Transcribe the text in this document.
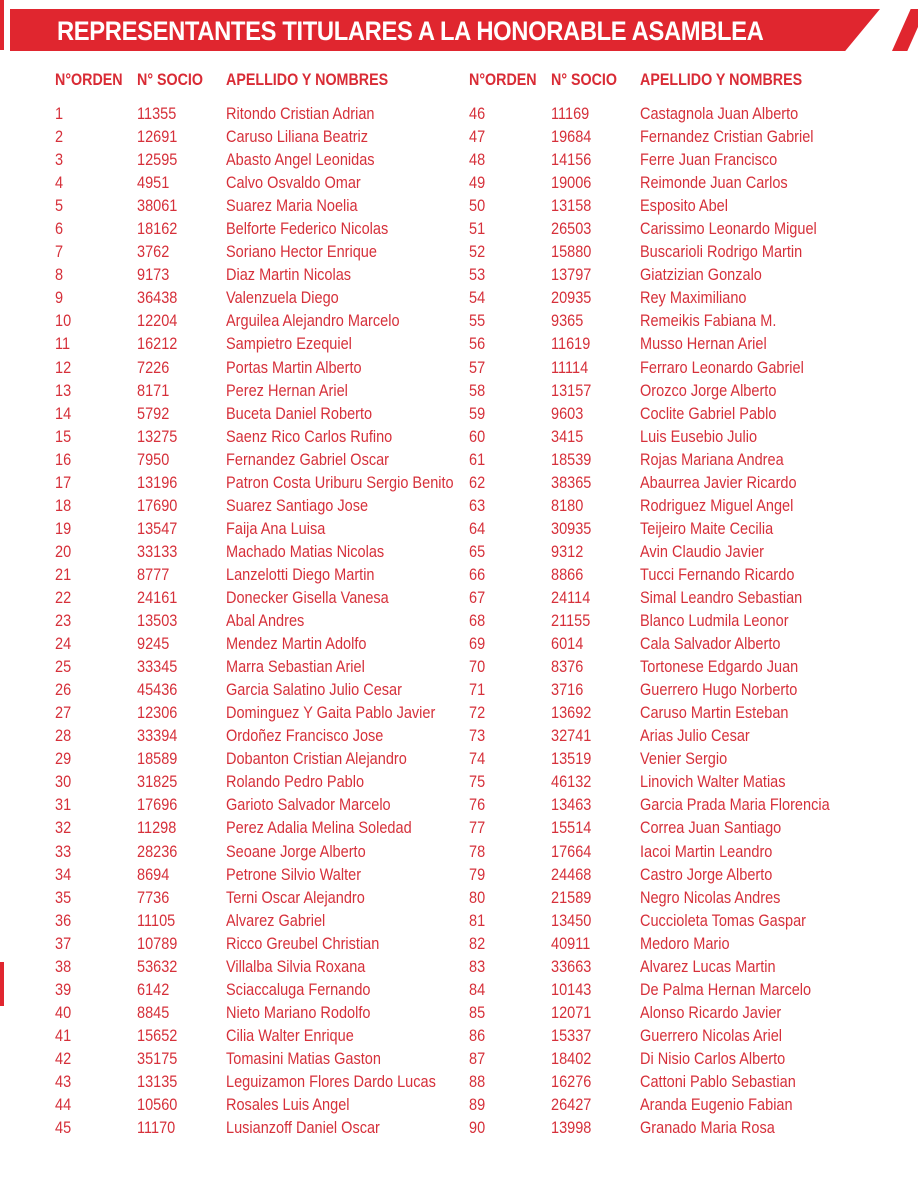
REPRESENTANTES TITULARES A LA HONORABLE ASAMBLEA
N°ORDEN N° SOCIO APELLIDO Y NOMBRES
1	11355	Ritondo Cristian Adrian
2	12691	Caruso Liliana Beatriz
3	12595	Abasto Angel Leonidas
4	4951	Calvo Osvaldo Omar
5	38061	Suarez Maria Noelia
6	18162	Belforte Federico Nicolas
7	3762	Soriano Hector Enrique
8	9173	Diaz Martin Nicolas
9	36438	Valenzuela Diego
10	12204	Arguilea Alejandro Marcelo
11	16212	Sampietro Ezequiel
12	7226	Portas Martin Alberto
13	8171	Perez Hernan Ariel
14	5792	Buceta Daniel Roberto
15	13275	Saenz Rico Carlos Rufino
16	7950	Fernandez Gabriel Oscar
17	13196	Patron Costa Uriburu Sergio Benito
18	17690	Suarez Santiago Jose
19	13547	Faija Ana Luisa
20	33133	Machado Matias Nicolas
21	8777	Lanzelotti Diego Martin
22	24161	Donecker Gisella Vanesa
23	13503	Abal Andres
24	9245	Mendez Martin Adolfo
25	33345	Marra Sebastian Ariel
26	45436	Garcia Salatino Julio Cesar
27	12306	Dominguez Y Gaita Pablo Javier
28	33394	Ordoñez Francisco Jose
29	18589	Dobanton Cristian Alejandro
30	31825	Rolando Pedro Pablo
31	17696	Garioto Salvador Marcelo
32	11298	Perez Adalia Melina Soledad
33	28236	Seoane Jorge Alberto
34	8694	Petrone Silvio Walter
35	7736	Terni Oscar Alejandro
36	11105	Alvarez Gabriel
37	10789	Ricco Greubel Christian
38	53632	Villalba Silvia Roxana
39	6142	Sciaccaluga Fernando
40	8845	Nieto Mariano Rodolfo
41	15652	Cilia Walter Enrique
42	35175	Tomasini Matias Gaston
43	13135	Leguizamon Flores Dardo Lucas
44	10560	Rosales Luis Angel
45	11170	Lusianzoff Daniel Oscar
N°ORDEN N° SOCIO APELLIDO Y NOMBRES
46	11169	Castagnola Juan Alberto
47	19684	Fernandez Cristian Gabriel
48	14156	Ferre Juan Francisco
49	19006	Reimonde Juan Carlos
50	13158	Esposito Abel
51	26503	Carissimo Leonardo Miguel
52	15880	Buscarioli Rodrigo Martin
53	13797	Giatzizian Gonzalo
54	20935	Rey Maximiliano
55	9365	Remeikis Fabiana M.
56	11619	Musso Hernan Ariel
57	11114	Ferraro Leonardo Gabriel
58	13157	Orozco Jorge Alberto
59	9603	Coclite Gabriel Pablo
60	3415	Luis Eusebio Julio
61	18539	Rojas Mariana Andrea
62	38365	Abaurrea Javier Ricardo
63	8180	Rodriguez Miguel Angel
64	30935	Teijeiro Maite Cecilia
65	9312	Avin Claudio Javier
66	8866	Tucci Fernando Ricardo
67	24114	Simal Leandro Sebastian
68	21155	Blanco Ludmila Leonor
69	6014	Cala Salvador Alberto
70	8376	Tortonese Edgardo Juan
71	3716	Guerrero Hugo Norberto
72	13692	Caruso Martin Esteban
73	32741	Arias Julio Cesar
74	13519	Venier Sergio
75	46132	Linovich Walter Matias
76	13463	Garcia Prada Maria Florencia
77	15514	Correa Juan Santiago
78	17664	Iacoi Martin Leandro
79	24468	Castro Jorge Alberto
80	21589	Negro Nicolas Andres
81	13450	Cuccioleta Tomas Gaspar
82	40911	Medoro Mario
83	33663	Alvarez Lucas Martin
84	10143	De Palma Hernan Marcelo
85	12071	Alonso Ricardo Javier
86	15337	Guerrero Nicolas Ariel
87	18402	Di Nisio Carlos Alberto
88	16276	Cattoni Pablo Sebastian
89	26427	Aranda Eugenio Fabian
90	13998	Granado Maria Rosa
